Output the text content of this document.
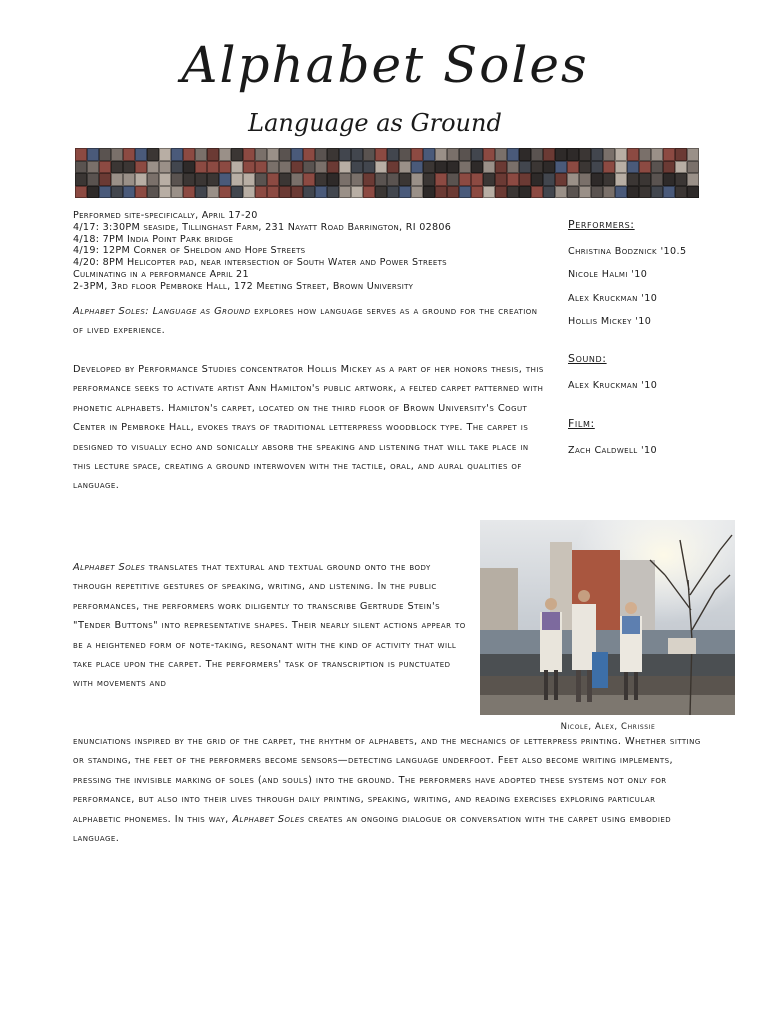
Alphabet Soles
Language as Ground
Performed site-specifically, April 17-20
4/17: 3:30PM seaside, Tillinghast Farm, 231 Nayatt Road Barrington, RI 02806
4/18: 7PM India Point Park bridge
4/19: 12PM Corner of Sheldon and Hope Streets
4/20: 8PM Helicopter pad, near intersection of South Water and Power Streets
Culminating in a performance April 21
2-3PM, 3rd floor Pembroke Hall, 172 Meeting Street, Brown University

Alphabet Soles: Language as Ground explores how language serves as a ground for the creation of lived experience.

Developed by Performance Studies concentrator Hollis Mickey as a part of her honors thesis, this performance seeks to activate artist Ann Hamilton's public artwork, a felted carpet patterned with phonetic alphabets. Hamilton's carpet, located on the third floor of Brown University's Cogut Center in Pembroke Hall, evokes trays of traditional letterpress woodblock type. The carpet is designed to visually echo and sonically absorb the speaking and listening that will take place in this lecture space, creating a ground interwoven with the tactile, oral, and aural qualities of language.

Alphabet Soles translates that textural and textual ground onto the body through repetitive gestures of speaking, writing, and listening. In the public performances, the performers work diligently to transcribe Gertrude Stein's "Tender Buttons" into representative shapes. Their nearly silent actions appear to be a heightened form of note-taking, resonant with the kind of activity that will take place upon the carpet. The performers' task of transcription is punctuated with movements and

enunciations inspired by the grid of the carpet, the rhythm of alphabets, and the mechanics of letterpress printing. Whether sitting or standing, the feet of the performers become sensors—detecting language underfoot. Feet also become writing implements, pressing the invisible marking of soles (and souls) into the ground. The performers have adopted these systems not only for performance, but also into their lives through daily printing, speaking, writing, and reading exercises exploring particular alphabetic phonemes. In this way, Alphabet Soles creates an ongoing dialogue or conversation with the carpet using embodied language.

Performers:
Christina Bodznick '10.5
Nicole Halmi '10
Alex Kruckman '10
Hollis Mickey '10
Sound:
Alex Kruckman '10
Film:
Zach Caldwell '10
Nicole, Alex, Chrissie
